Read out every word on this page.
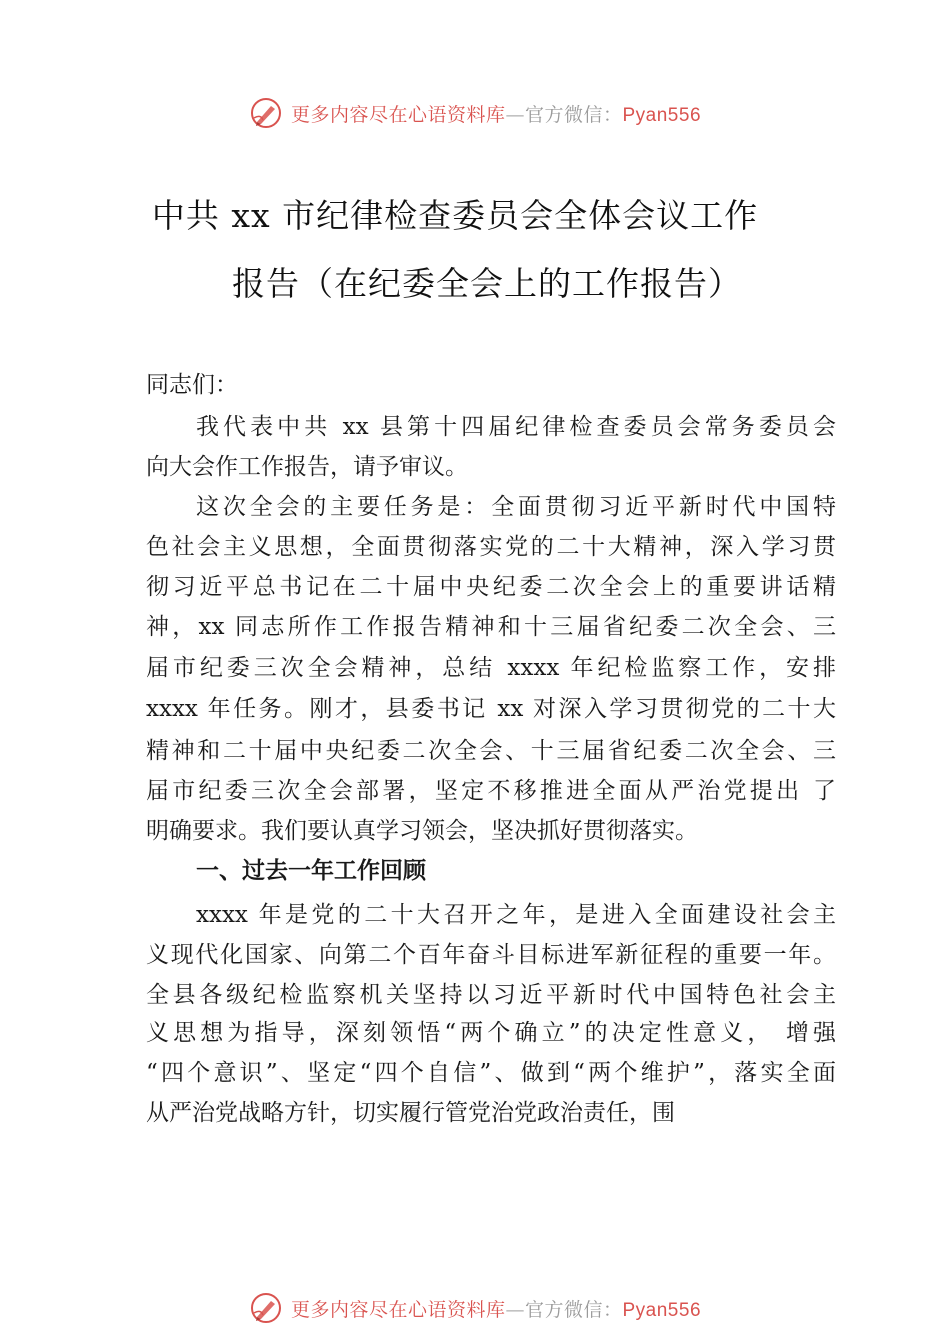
更多内容尽在心语资料库—官方微信：Pyan556
中共 xx 市纪律检查委员会全体会议工作
报告（在纪委全会上的工作报告）
同志们：
我代表中共 xx 县第十四届纪律检查委员会常务委员会
向大会作工作报告，请予审议。
这次全会的主要任务是：全面贯彻习近平新时代中国特
色社会主义思想，全面贯彻落实党的二十大精神，深入学习贯
彻习近平总书记在二十届中央纪委二次全会上的重要讲话精
神，xx 同志所作工作报告精神和十三届省纪委二次全会、三
届市纪委三次全会精神，总结 xxxx 年纪检监察工作，安排
xxxx 年任务。刚才，县委书记 xx 对深入学习贯彻党的二十大
精神和二十届中央纪委二次全会、十三届省纪委二次全会、三
届市纪委三次全会部署，坚定不移推进全面从严治党提出 了
明确要求。我们要认真学习领会，坚决抓好贯彻落实。
一、过去一年工作回顾
xxxx 年是党的二十大召开之年，是进入全面建设社会主
义现代化国家、向第二个百年奋斗目标进军新征程的重要一年。
全县各级纪检监察机关坚持以习近平新时代中国特色社会主
义思想为指导，深刻领悟“两个确立”的决定性意义， 增强
“四个意识”、坚定“四个自信”、做到“两个维护”，落实全面
从严治党战略方针，切实履行管党治党政治责任，围
更多内容尽在心语资料库—官方微信：Pyan556
